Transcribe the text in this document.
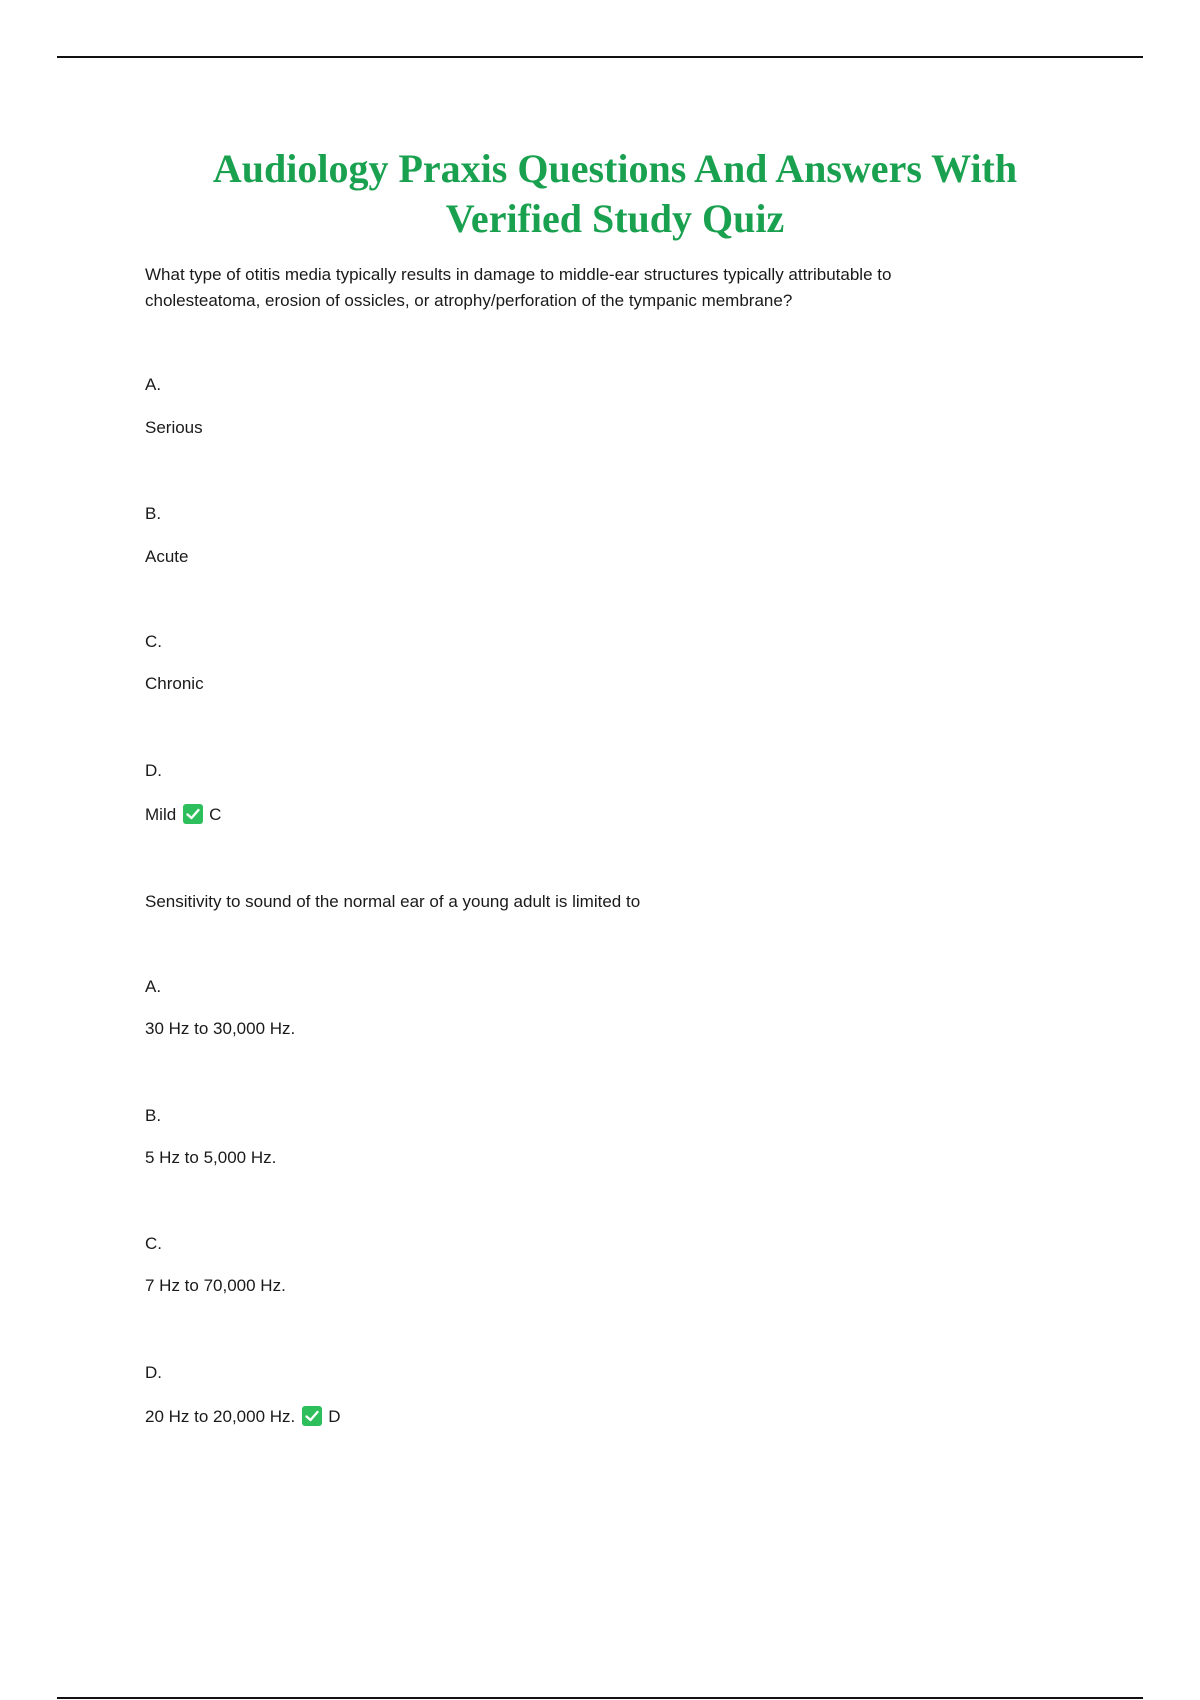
Audiology Praxis Questions And Answers With
Verified Study Quiz
What type of otitis media typically results in damage to middle-ear structures typically attributable to cholesteatoma, erosion of ossicles, or atrophy/perforation of the tympanic membrane?
A.
Serious
B.
Acute
C.
Chronic
D.
Mild C
Sensitivity to sound of the normal ear of a young adult is limited to
A.
30 Hz to 30,000 Hz.
B.
5 Hz to 5,000 Hz.
C.
7 Hz to 70,000 Hz.
D.
20 Hz to 20,000 Hz. D
